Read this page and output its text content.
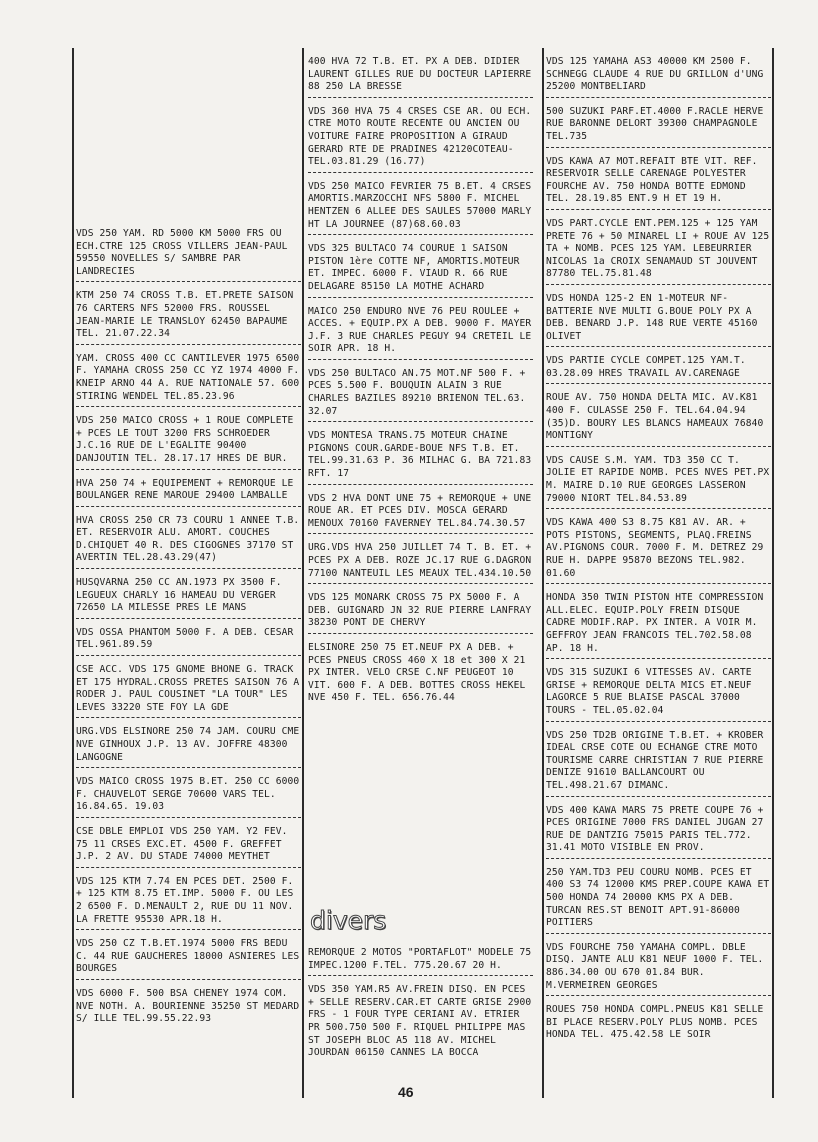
VDS 250 YAM. RD 5000 KM 5000 FRS OU ECH.CTRE 125 CROSS VILLERS JEAN-PAUL 59550 NOVELLES S/ SAMBRE PAR LANDRECIES
KTM 250 74 CROSS T.B. ET.PRETE SAISON 76 CARTERS NFS 52000 FRS. ROUSSEL JEAN-MARIE LE TRANSLOY 62450 BAPAUME TEL. 21.07.22.34
YAM. CROSS 400 CC CANTILEVER 1975 6500 F. YAMAHA CROSS 250 CC YZ 1974 4000 F. KNEIP ARNO 44 A. RUE NATIONALE 57. 600 STIRING WENDEL TEL.85.23.96
VDS 250 MAICO CROSS + 1 ROUE COMPLETE + PCES LE TOUT 3200 FRS SCHROEDER J.C.16 RUE DE L'EGALITE 90400 DANJOUTIN TEL. 28.17.17 HRES DE BUR.
HVA 250 74 + EQUIPEMENT + REMORQUE LE BOULANGER RENE MAROUE 29400 LAMBALLE
HVA CROSS 250 CR 73 COURU 1 ANNEE T.B. ET. RESERVOIR ALU. AMORT. COUCHES D.CHIQUET 40 R. DES CIGOGNES 37170 ST AVERTIN TEL.28.43.29(47)
HUSQVARNA 250 CC AN.1973 PX 3500 F. LEGUEUX CHARLY 16 HAMEAU DU VERGER 72650 LA MILESSE PRES LE MANS
VDS OSSA PHANTOM 5000 F. A DEB. CESAR TEL.961.89.59
CSE ACC. VDS 175 GNOME BHONE G. TRACK ET 175 HYDRAL.CROSS PRETES SAISON 76 A RODER J. PAUL COUSINET "LA TOUR" LES LEVES 33220 STE FOY LA GDE
URG.VDS ELSINORE 250 74 JAM. COURU CME NVE GINHOUX J.P. 13 AV. JOFFRE 48300 LANGOGNE
VDS MAICO CROSS 1975 B.ET. 250 CC 6000 F. CHAUVELOT SERGE 70600 VARS TEL. 16.84.65. 19.03
CSE DBLE EMPLOI VDS 250 YAM. Y2 FEV. 75 11 CRSES EXC.ET. 4500 F. GREFFET J.P. 2 AV. DU STADE 74000 MEYTHET
VDS 125 KTM 7.74 EN PCES DET. 2500 F. + 125 KTM 8.75 ET.IMP. 5000 F. OU LES 2 6500 F. D.MENAULT 2, RUE DU 11 NOV. LA FRETTE 95530 APR.18 H.
VDS 250 CZ T.B.ET.1974 5000 FRS BEDU C. 44 RUE GAUCHERES 18000 ASNIERES LES BOURGES
VDS 6000 F. 500 BSA CHENEY 1974 COM. NVE NOTH. A. BOURIENNE 35250 ST MEDARD S/ ILLE TEL.99.55.22.93
400 HVA 72 T.B. ET. PX A DEB. DIDIER LAURENT GILLES RUE DU DOCTEUR LAPIERRE 88 250 LA BRESSE
VDS 360 HVA 75 4 CRSES CSE AR. OU ECH. CTRE MOTO ROUTE RECENTE OU ANCIEN OU VOITURE FAIRE PROPOSITION A GIRAUD GERARD RTE DE PRADINES 42120COTEAU-TEL.03.81.29 (16.77)
VDS 250 MAICO FEVRIER 75 B.ET. 4 CRSES AMORTIS.MARZOCCHI NFS 5800 F. MICHEL HENTZEN 6 ALLEE DES SAULES 57000 MARLY HT LA JOURNEE (87)68.60.03
VDS 325 BULTACO 74 COURUE 1 SAISON PISTON 1ère COTTE NF, AMORTIS.MOTEUR ET. IMPEC. 6000 F. VIAUD R. 66 RUE DELAGARE 85150 LA MOTHE ACHARD
MAICO 250 ENDURO NVE 76 PEU ROULEE + ACCES. + EQUIP.PX A DEB. 9000 F. MAYER J.F. 3 RUE CHARLES PEGUY 94 CRETEIL LE SOIR APR. 18 H.
VDS 250 BULTACO AN.75 MOT.NF 500 F. + PCES 5.500 F. BOUQUIN ALAIN 3 RUE CHARLES BAZILES 89210 BRIENON TEL.63. 32.07
VDS MONTESA TRANS.75 MOTEUR CHAINE PIGNONS COUR.GARDE-BOUE NFS T.B. ET. TEL.99.31.63 P. 36 MILHAC G. BA 721.83 RFT. 17
VDS 2 HVA DONT UNE 75 + REMORQUE + UNE ROUE AR. ET PCES DIV. MOSCA GERARD MENOUX 70160 FAVERNEY TEL.84.74.30.57
URG.VDS HVA 250 JUILLET 74 T. B. ET. + PCES PX A DEB. ROZE JC.17 RUE G.DAGRON 77100 NANTEUIL LES MEAUX TEL.434.10.50
VDS 125 MONARK CROSS 75 PX 5000 F. A DEB. GUIGNARD JN 32 RUE PIERRE LANFRAY 38230 PONT DE CHERVY
ELSINORE 250 75 ET.NEUF PX A DEB. + PCES PNEUS CROSS 460 X 18 et 300 X 21 PX INTER. VELO CRSE C.NF PEUGEOT 10 VIT. 600 F. A DEB. BOTTES CROSS HEKEL NVE 450 F. TEL. 656.76.44
divers
REMORQUE 2 MOTOS "PORTAFLOT" MODELE 75 IMPEC.1200 F.TEL. 775.20.67 20 H.
VDS 350 YAM.R5 AV.FREIN DISQ. EN PCES + SELLE RESERV.CAR.ET CARTE GRISE 2900 FRS - 1 FOUR TYPE CERIANI AV. ETRIER PR 500.750 500 F. RIQUEL PHILIPPE MAS ST JOSEPH BLOC A5 118 AV. MICHEL JOURDAN 06150 CANNES LA BOCCA
VDS 125 YAMAHA AS3 40000 KM 2500 F. SCHNEGG CLAUDE 4 RUE DU GRILLON d'UNG 25200 MONTBELIARD
500 SUZUKI PARF.ET.4000 F.RACLE HERVE RUE BARONNE DELORT 39300 CHAMPAGNOLE TEL.735
VDS KAWA A7 MOT.REFAIT BTE VIT. REF. RESERVOIR SELLE CARENAGE POLYESTER FOURCHE AV. 750 HONDA BOTTE EDMOND TEL. 28.19.85 ENT.9 H ET 19 H.
VDS PART.CYCLE ENT.PEM.125 + 125 YAM PRETE 76 + 50 MINAREL LI + ROUE AV 125 TA + NOMB. PCES 125 YAM. LEBEURRIER NICOLAS 1a CROIX SENAMAUD ST JOUVENT 87780 TEL.75.81.48
VDS HONDA 125-2 EN 1-MOTEUR NF-BATTERIE NVE MULTI G.BOUE POLY PX A DEB. BENARD J.P. 148 RUE VERTE 45160 OLIVET
VDS PARTIE CYCLE COMPET.125 YAM.T. 03.28.09 HRES TRAVAIL AV.CARENAGE
ROUE AV. 750 HONDA DELTA MIC. AV.K81 400 F. CULASSE 250 F. TEL.64.04.94 (35)D. BOURY LES BLANCS HAMEAUX 76840 MONTIGNY
VDS CAUSE S.M. YAM. TD3 350 CC T. JOLIE ET RAPIDE NOMB. PCES NVES PET.PX M. MAIRE D.10 RUE GEORGES LASSERON 79000 NIORT TEL.84.53.89
VDS KAWA 400 S3 8.75 K81 AV. AR. + POTS PISTONS, SEGMENTS, PLAQ.FREINS AV.PIGNONS COUR. 7000 F. M. DETREZ 29 RUE H. DAPPE 95870 BEZONS TEL.982. 01.60
HONDA 350 TWIN PISTON HTE COMPRESSION ALL.ELEC. EQUIP.POLY FREIN DISQUE CADRE MODIF.RAP. PX INTER. A VOIR M. GEFFROY JEAN FRANCOIS TEL.702.58.08 AP. 18 H.
VDS 315 SUZUKI 6 VITESSES AV. CARTE GRISE + REMORQUE DELTA MICS ET.NEUF LAGORCE 5 RUE BLAISE PASCAL 37000 TOURS - TEL.05.02.04
VDS 250 TD2B ORIGINE T.B.ET. + KROBER IDEAL CRSE COTE OU ECHANGE CTRE MOTO TOURISME CARRE CHRISTIAN 7 RUE PIERRE DENIZE 91610 BALLANCOURT OU TEL.498.21.67 DIMANC.
VDS 400 KAWA MARS 75 PRETE COUPE 76 + PCES ORIGINE 7000 FRS DANIEL JUGAN 27 RUE DE DANTZIG 75015 PARIS TEL.772. 31.41 MOTO VISIBLE EN PROV.
250 YAM.TD3 PEU COURU NOMB. PCES ET 400 S3 74 12000 KMS PREP.COUPE KAWA ET 500 HONDA 74 20000 KMS PX A DEB. TURCAN RES.ST BENOIT APT.91-86000 POITIERS
VDS FOURCHE 750 YAMAHA COMPL. DBLE DISQ. JANTE ALU K81 NEUF 1000 F. TEL. 886.34.00 OU 670 01.84 BUR. M.VERMEIREN GEORGES
ROUES 750 HONDA COMPL.PNEUS K81 SELLE BI PLACE RESERV.POLY PLUS NOMB. PCES HONDA TEL. 475.42.58 LE SOIR
46
